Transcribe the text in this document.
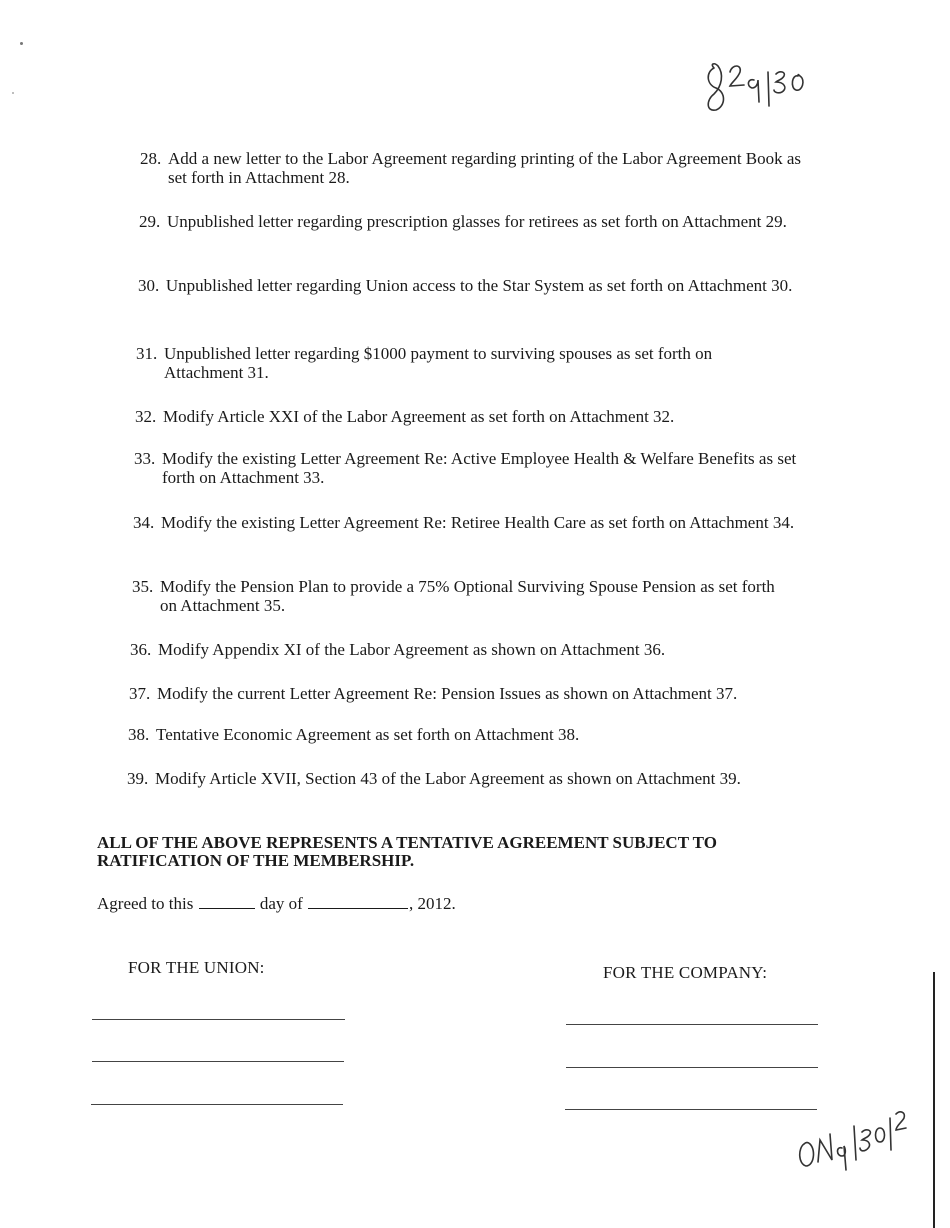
28. Add a new letter to the Labor Agreement regarding printing of the Labor Agreement Book as set forth in Attachment 28.
29. Unpublished letter regarding prescription glasses for retirees as set forth on Attachment 29.
30. Unpublished letter regarding Union access to the Star System as set forth on Attachment 30.
31. Unpublished letter regarding $1000 payment to surviving spouses as set forth on Attachment 31.
32. Modify Article XXI of the Labor Agreement as set forth on Attachment 32.
33. Modify the existing Letter Agreement Re: Active Employee Health & Welfare Benefits as set forth on Attachment 33.
34. Modify the existing Letter Agreement Re: Retiree Health Care as set forth on Attachment 34.
35. Modify the Pension Plan to provide a 75% Optional Surviving Spouse Pension as set forth on Attachment 35.
36. Modify Appendix XI of the Labor Agreement as shown on Attachment 36.
37. Modify the current Letter Agreement Re: Pension Issues as shown on Attachment 37.
38. Tentative Economic Agreement as set forth on Attachment 38.
39. Modify Article XVII, Section 43 of the Labor Agreement as shown on Attachment 39.
ALL OF THE ABOVE REPRESENTS A TENTATIVE AGREEMENT SUBJECT TO RATIFICATION OF THE MEMBERSHIP.
Agreed to this	day of	, 2012.
FOR THE UNION:	FOR THE COMPANY:
